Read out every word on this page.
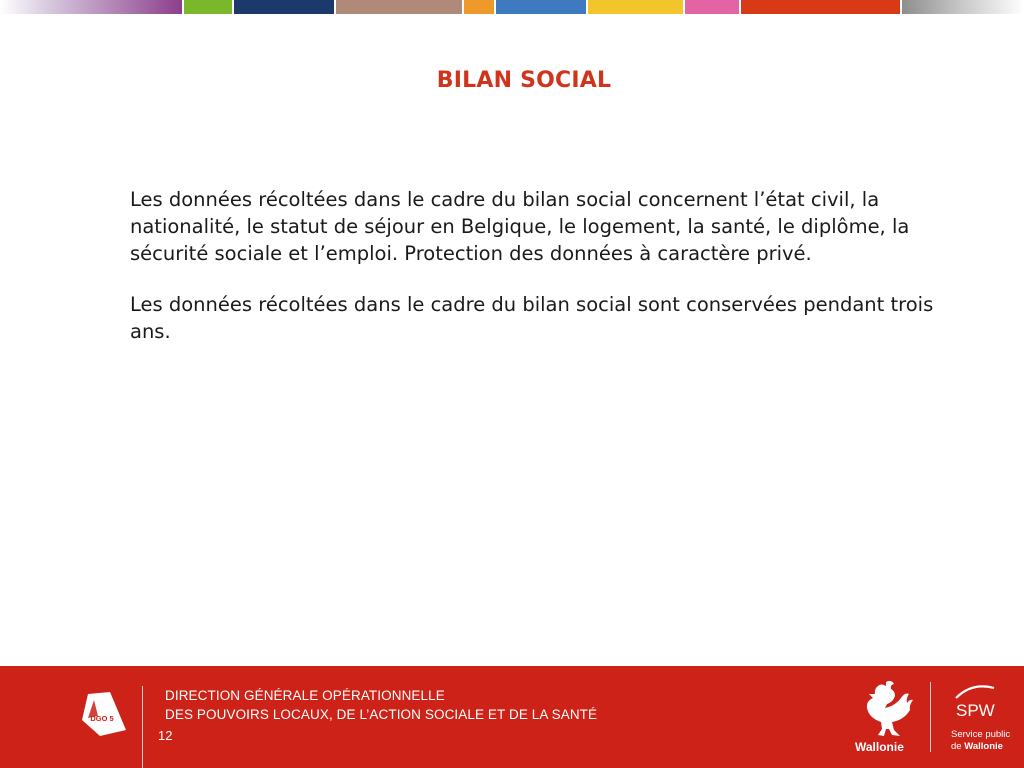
BILAN SOCIAL

Les données récoltées dans le cadre du bilan social concernent l’état civil, la nationalité, le statut de séjour en Belgique, le logement, la santé, le diplôme, la sécurité sociale et l’emploi. Protection des données à caractère privé.

Les données récoltées dans le cadre du bilan social sont conservées pendant trois ans.

DGO 5
DIRECTION GÉNÉRALE OPÉRATIONNELLE
DES POUVOIRS LOCAUX, DE L’ACTION SOCIALE ET DE LA SANTÉ
12
Wallonie
SPW
Service public
de Wallonie
